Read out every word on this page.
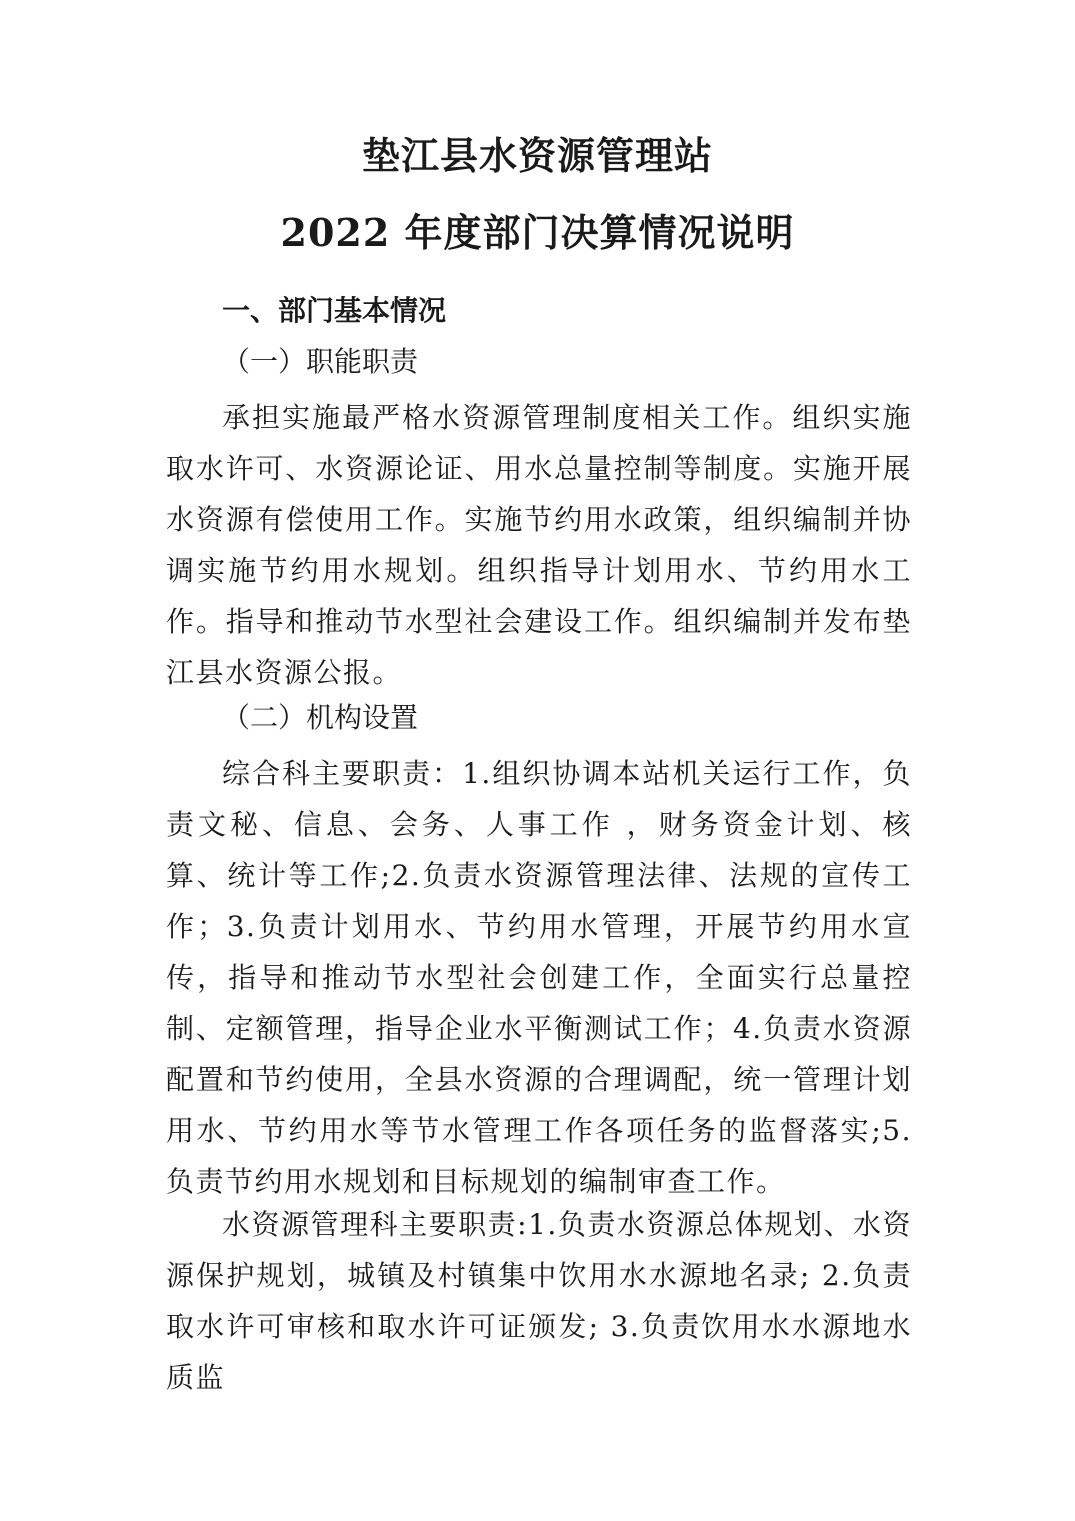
垫江县水资源管理站
2022 年度部门决算情况说明
一、部门基本情况
（一）职能职责

承担实施最严格水资源管理制度相关工作。组织实施取水许可、水资源论证、用水总量控制等制度。实施开展水资源有偿使用工作。实施节约用水政策，组织编制并协调实施节约用水规划。组织指导计划用水、节约用水工作。指导和推动节水型社会建设工作。组织编制并发布垫江县水资源公报。

（二）机构设置

综合科主要职责：1.组织协调本站机关运行工作，负责文秘、信息、会务、人事工作 ，财务资金计划、核算、统计等工作;2.负责水资源管理法律、法规的宣传工作；3.负责计划用水、节约用水管理，开展节约用水宣传，指导和推动节水型社会创建工作，全面实行总量控制、定额管理，指导企业水平衡测试工作；4.负责水资源配置和节约使用，全县水资源的合理调配，统一管理计划用水、节约用水等节水管理工作各项任务的监督落实;5.负责节约用水规划和目标规划的编制审查工作。

水资源管理科主要职责:1.负责水资源总体规划、水资源保护规划，城镇及村镇集中饮用水水源地名录; 2.负责取水许可审核和取水许可证颁发; 3.负责饮用水水源地水质监
